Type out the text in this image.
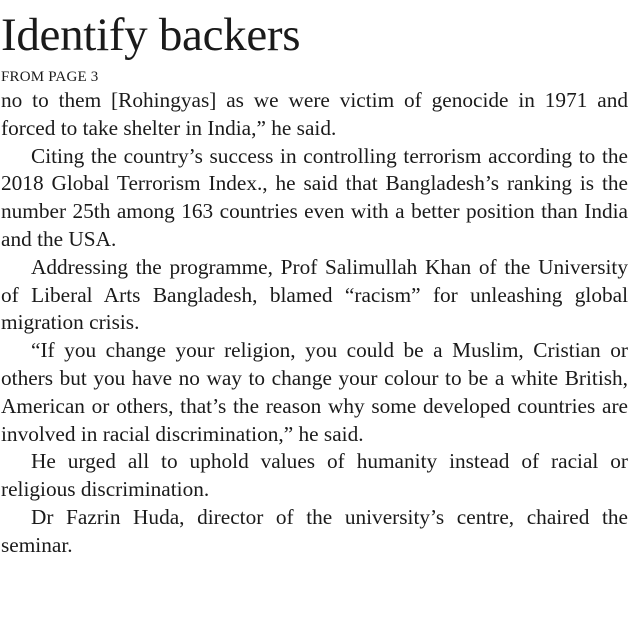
Identify backers
FROM PAGE 3

no to them [Rohingyas] as we were victim of genocide in 1971 and forced to take shelter in India,” he said.

Citing the country’s success in controlling terrorism according to the 2018 Global Terrorism Index., he said that Bangladesh’s ranking is the number 25th among 163 countries even with a better position than India and the USA.

Addressing the programme, Prof Salimullah Khan of the University of Liberal Arts Bangladesh, blamed “racism” for unleashing global migration crisis.

“If you change your religion, you could be a Muslim, Cristian or others but you have no way to change your colour to be a white British, American or others, that’s the reason why some developed countries are involved in racial discrimination,” he said.

He urged all to uphold values of humanity instead of racial or religious discrimination.

Dr Fazrin Huda, director of the university’s centre, chaired the seminar.
